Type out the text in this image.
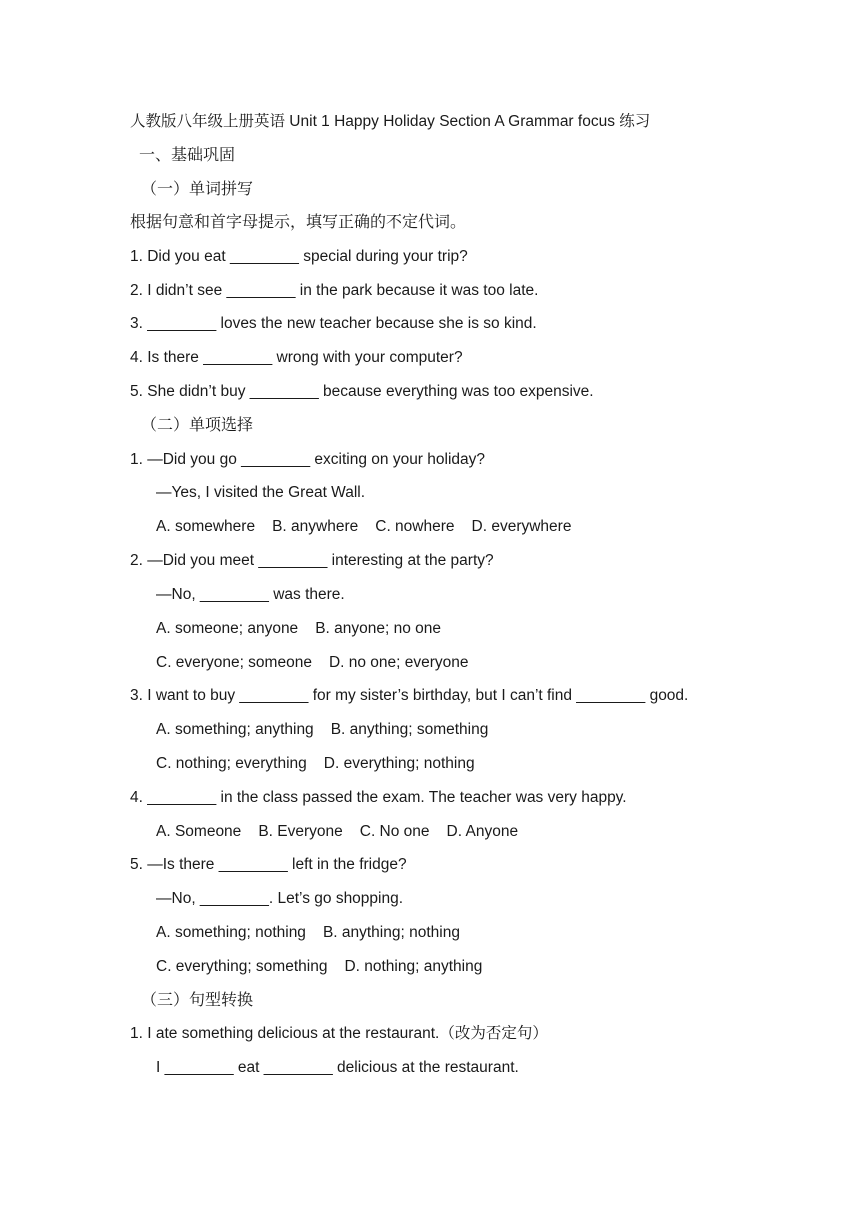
人教版八年级上册英语 Unit 1 Happy Holiday Section A Grammar focus 练习
一、基础巩固
（一）单词拼写
根据句意和首字母提示，填写正确的不定代词。
1. Did you eat ________ special during your trip?
2. I didn’t see ________ in the park because it was too late.
3. ________ loves the new teacher because she is so kind.
4. Is there ________ wrong with your computer?
5. She didn’t buy ________ because everything was too expensive.
（二）单项选择
1. —Did you go ________ exciting on your holiday?
—Yes, I visited the Great Wall.
A. somewhere B. anywhere C. nowhere D. everywhere
2. —Did you meet ________ interesting at the party?
—No, ________ was there.
A. someone; anyone B. anyone; no one
C. everyone; someone D. no one; everyone
3. I want to buy ________ for my sister’s birthday, but I can’t find ________ good.
A. something; anything B. anything; something
C. nothing; everything D. everything; nothing
4. ________ in the class passed the exam. The teacher was very happy.
A. Someone B. Everyone C. No one D. Anyone
5. —Is there ________ left in the fridge?
—No, ________. Let’s go shopping.
A. something; nothing B. anything; nothing
C. everything; something D. nothing; anything
（三）句型转换
1. I ate something delicious at the restaurant.（改为否定句）
I ________ eat ________ delicious at the restaurant.
